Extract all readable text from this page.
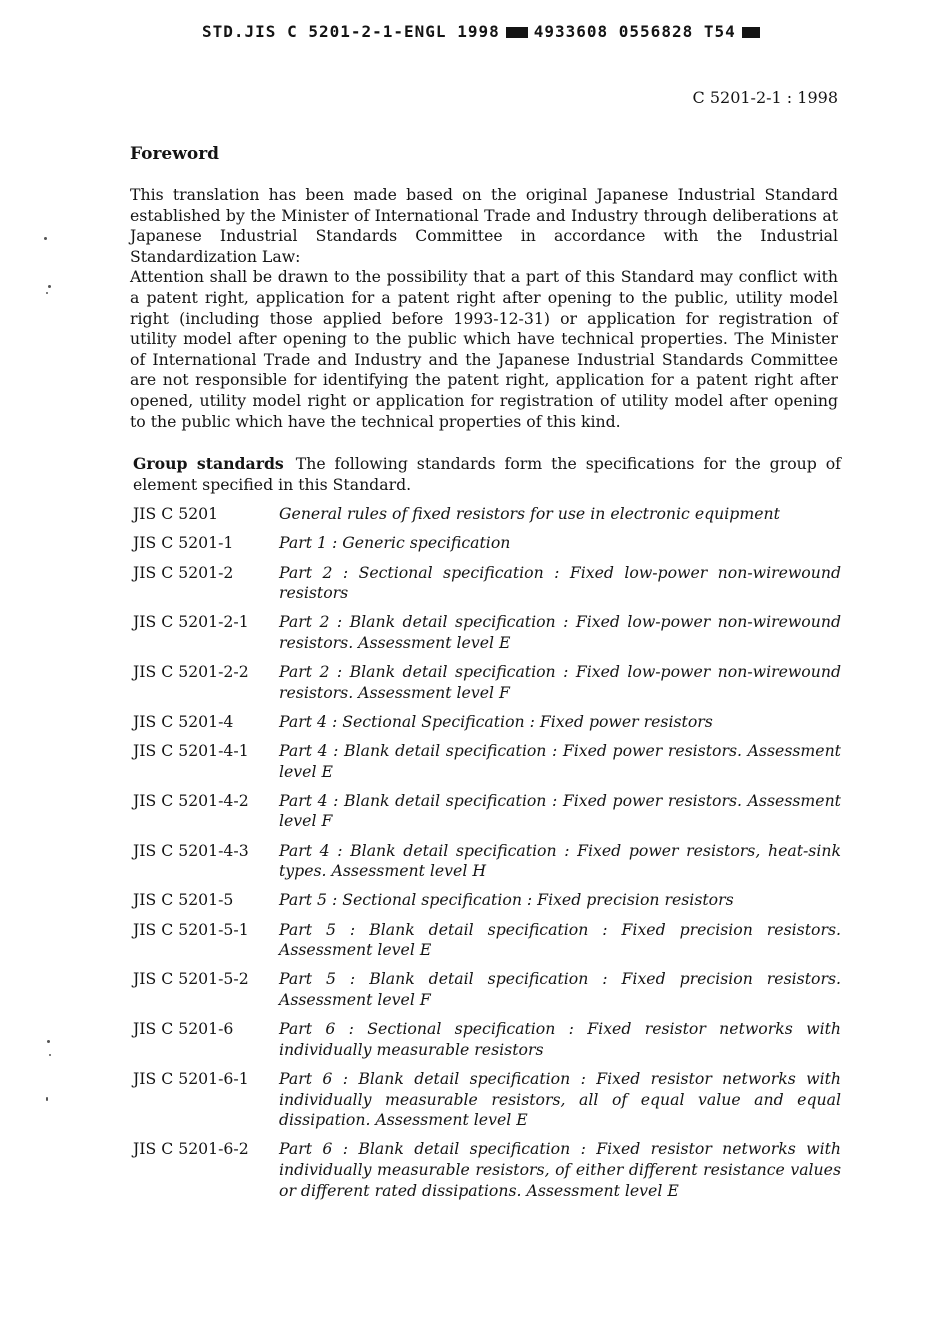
STD.JIS C 5201-2-1-ENGL 1998 4933608 0556828 T54
C 5201-2-1 : 1998
Foreword

This translation has been made based on the original Japanese Industrial Standard established by the Minister of International Trade and Industry through deliberations at Japanese Industrial Standards Committee in accordance with the Industrial Standardization Law:

Attention shall be drawn to the possibility that a part of this Standard may conflict with a patent right, application for a patent right after opening to the public, utility model right (including those applied before 1993-12-31) or application for registration of utility model after opening to the public which have technical properties. The Minister of International Trade and Industry and the Japanese Industrial Standards Committee are not responsible for identifying the patent right, application for a patent right after opened, utility model right or application for registration of utility model after opening to the public which have the technical properties of this kind.

Group standards The following standards form the specifications for the group of element specified in this Standard.

JIS C 5201	General rules of fixed resistors for use in electronic equipment
JIS C 5201-1	Part 1 : Generic specification
JIS C 5201-2	Part 2 : Sectional specification : Fixed low-power non-wirewound resistors
JIS C 5201-2-1	Part 2 : Blank detail specification : Fixed low-power non-wirewound resistors. Assessment level E
JIS C 5201-2-2	Part 2 : Blank detail specification : Fixed low-power non-wirewound resistors. Assessment level F
JIS C 5201-4	Part 4 : Sectional Specification : Fixed power resistors
JIS C 5201-4-1	Part 4 : Blank detail specification : Fixed power resistors. Assessment level E
JIS C 5201-4-2	Part 4 : Blank detail specification : Fixed power resistors. Assessment level F
JIS C 5201-4-3	Part 4 : Blank detail specification : Fixed power resistors, heat-sink types. Assessment level H
JIS C 5201-5	Part 5 : Sectional specification : Fixed precision resistors
JIS C 5201-5-1	Part 5 : Blank detail specification : Fixed precision resistors. Assessment level E
JIS C 5201-5-2	Part 5 : Blank detail specification : Fixed precision resistors. Assessment level F
JIS C 5201-6	Part 6 : Sectional specification : Fixed resistor networks with individually measurable resistors
JIS C 5201-6-1	Part 6 : Blank detail specification : Fixed resistor networks with individually measurable resistors, all of equal value and equal dissipation. Assessment level E
JIS C 5201-6-2	Part 6 : Blank detail specification : Fixed resistor networks with individually measurable resistors, of either different resistance values or different rated dissipations. Assessment level E
